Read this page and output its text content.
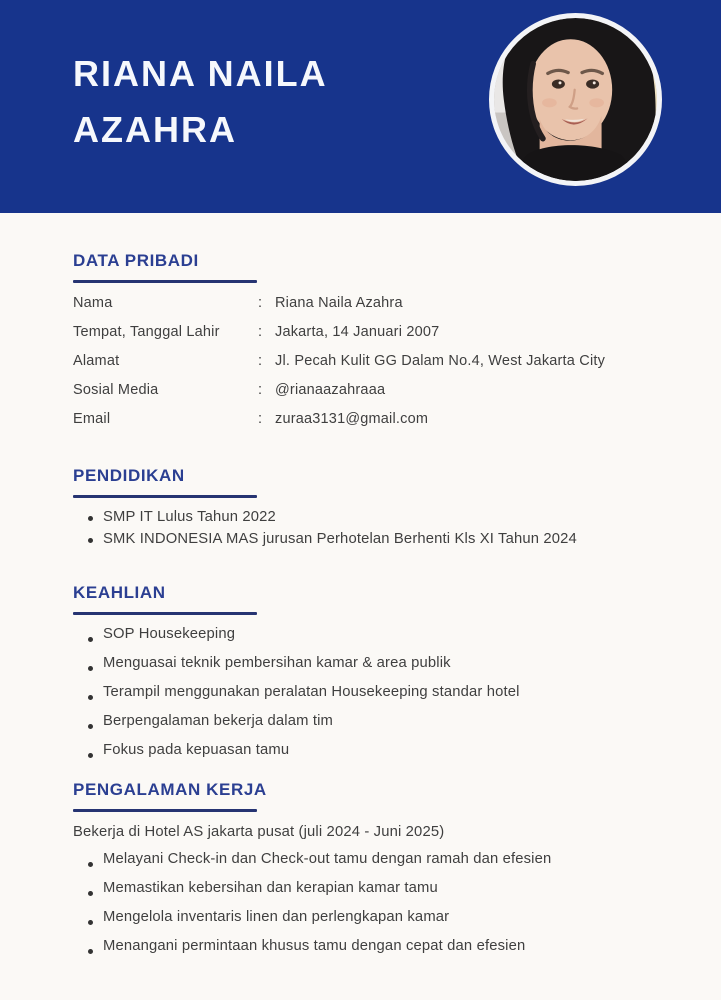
RIANA NAILA
AZAHRA
DATA PRIBADI
Nama	: Riana Naila Azahra
Tempat, Tanggal Lahir	: Jakarta, 14 Januari 2007
Alamat	: Jl. Pecah Kulit GG Dalam No.4, West Jakarta City
Sosial Media	: @rianaazahraaa
Email	: zuraa3131@gmail.com
PENDIDIKAN
SMP IT Lulus Tahun 2022
SMK INDONESIA MAS jurusan Perhotelan Berhenti Kls XI Tahun 2024
KEAHLIAN
SOP Housekeeping
Menguasai teknik pembersihan kamar & area publik
Terampil menggunakan peralatan Housekeeping standar hotel
Berpengalaman bekerja dalam tim
Fokus pada kepuasan tamu
PENGALAMAN KERJA

Bekerja di Hotel AS jakarta pusat (juli 2024 - Juni 2025)

Melayani Check-in dan Check-out tamu dengan ramah dan efesien
Memastikan kebersihan dan kerapian kamar tamu
Mengelola inventaris linen dan perlengkapan kamar
Menangani permintaan khusus tamu dengan cepat dan efesien
